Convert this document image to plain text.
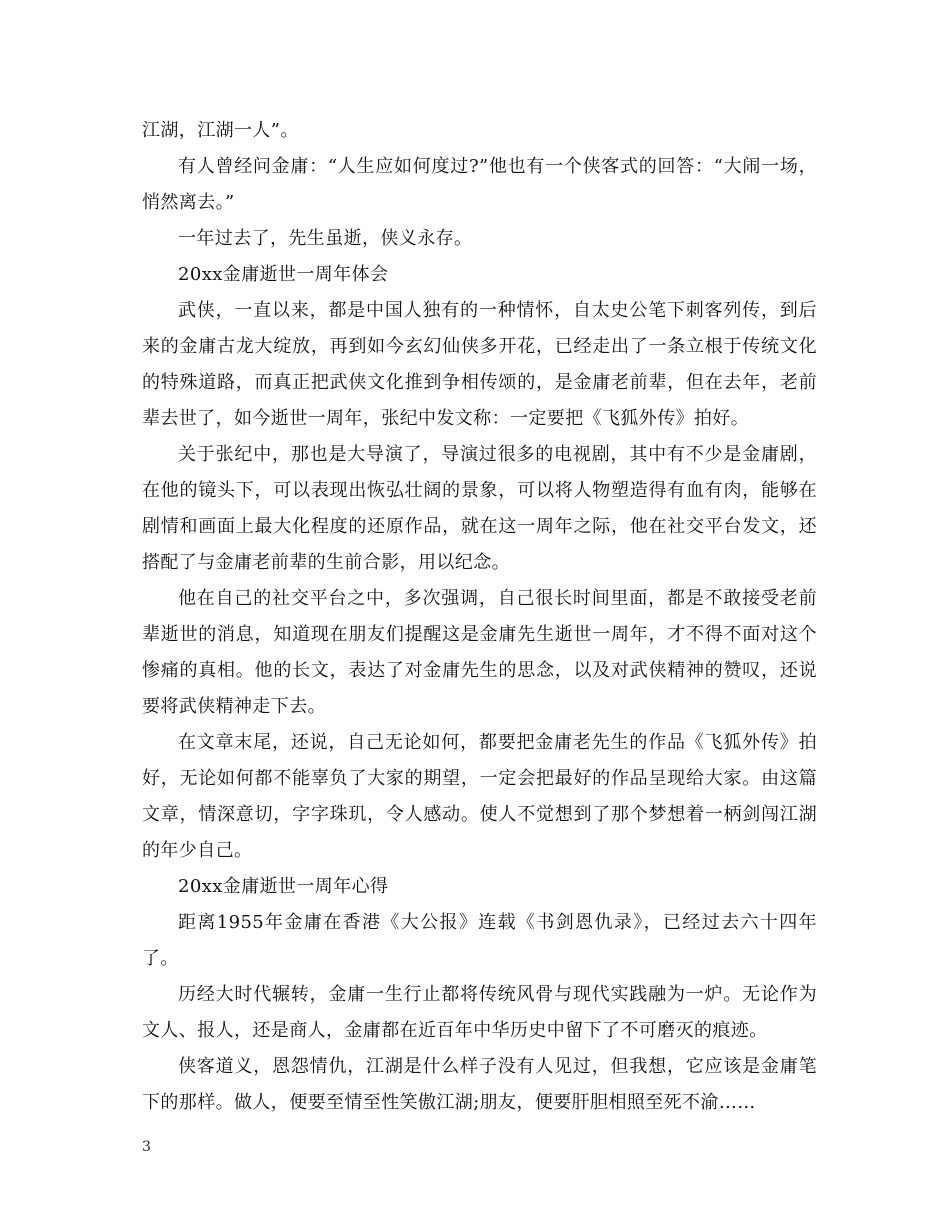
江湖，江湖一人”。

有人曾经问金庸：“人生应如何度过?”他也有一个侠客式的回答：“大闹一场，悄然离去。”

一年过去了，先生虽逝，侠义永存。

20xx金庸逝世一周年体会

武侠，一直以来，都是中国人独有的一种情怀，自太史公笔下刺客列传，到后来的金庸古龙大绽放，再到如今玄幻仙侠多开花，已经走出了一条立根于传统文化的特殊道路，而真正把武侠文化推到争相传颂的，是金庸老前辈，但在去年，老前辈去世了，如今逝世一周年，张纪中发文称：一定要把《飞狐外传》拍好。

关于张纪中，那也是大导演了，导演过很多的电视剧，其中有不少是金庸剧，在他的镜头下，可以表现出恢弘壮阔的景象，可以将人物塑造得有血有肉，能够在剧情和画面上最大化程度的还原作品，就在这一周年之际，他在社交平台发文，还搭配了与金庸老前辈的生前合影，用以纪念。

他在自己的社交平台之中，多次强调，自己很长时间里面，都是不敢接受老前辈逝世的消息，知道现在朋友们提醒这是金庸先生逝世一周年，才不得不面对这个惨痛的真相。他的长文，表达了对金庸先生的思念，以及对武侠精神的赞叹，还说要将武侠精神走下去。

在文章末尾，还说，自己无论如何，都要把金庸老先生的作品《飞狐外传》拍好，无论如何都不能辜负了大家的期望，一定会把最好的作品呈现给大家。由这篇文章，情深意切，字字珠玑，令人感动。使人不觉想到了那个梦想着一柄剑闯江湖的年少自己。

20xx金庸逝世一周年心得

距离1955年金庸在香港《大公报》连载《书剑恩仇录》，已经过去六十四年了。

历经大时代辗转，金庸一生行止都将传统风骨与现代实践融为一炉。无论作为文人、报人，还是商人，金庸都在近百年中华历史中留下了不可磨灭的痕迹。

侠客道义，恩怨情仇，江湖是什么样子没有人见过，但我想，它应该是金庸笔下的那样。做人，便要至情至性笑傲江湖;朋友，便要肝胆相照至死不渝……

3
